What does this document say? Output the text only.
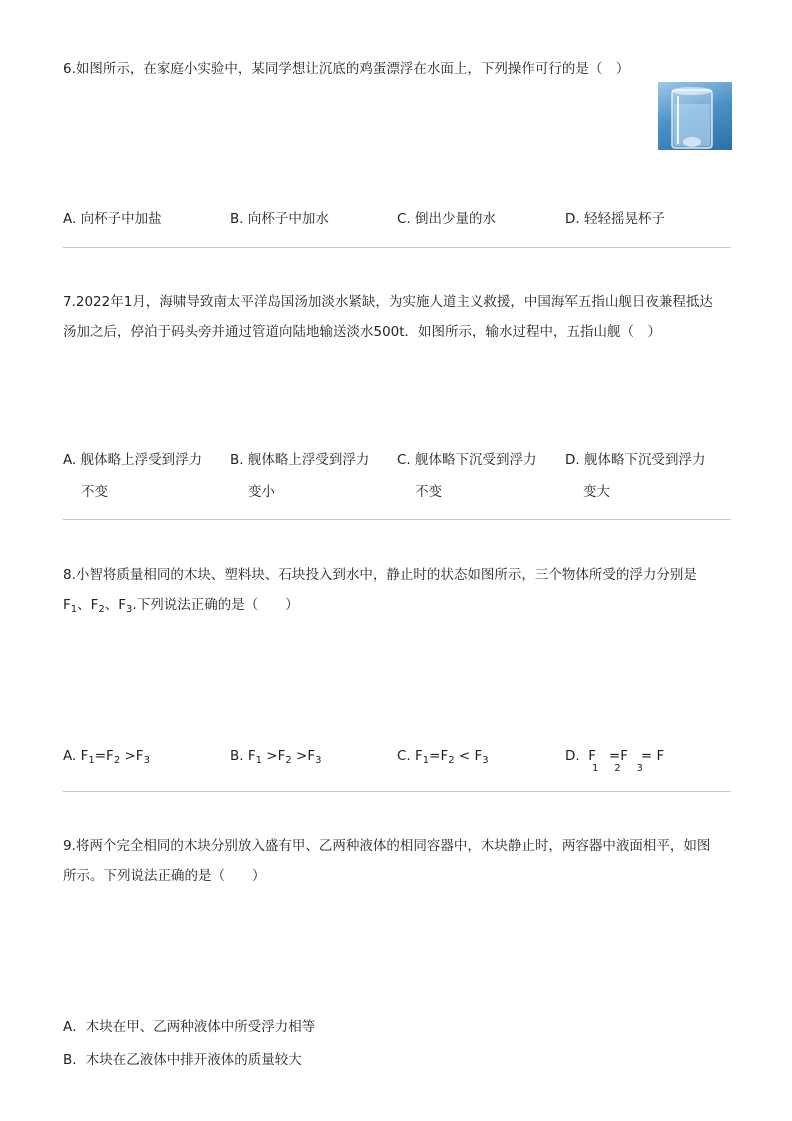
6.如图所示，在家庭小实验中，某同学想让沉底的鸡蛋漂浮在水面上，下列操作可行的是（　）
A. 向杯子中加盐	B. 向杯子中加水	C. 倒出少量的水	D. 轻轻摇晃杯子
7.2022年1月，海啸导致南太平洋岛国汤加淡水紧缺，为实施人道主义救援，中国海军五指山舰日夜兼程抵达
汤加之后，停泊于码头旁并通过管道向陆地输送淡水500t．如图所示，输水过程中，五指山舰（　）
A. 舰体略上浮受到浮力
不变
B. 舰体略上浮受到浮力
变小
C. 舰体略下沉受到浮力
不变
D. 舰体略下沉受到浮力
变大
8.小智将质量相同的木块、塑料块、石块投入到水中，静止时的状态如图所示，三个物体所受的浮力分别是
$F_1$、$F_2$、$F_3$.下列说法正确的是（　　）
A. $F_1=F_2 >F_3$	B. $F_1 >F_2 >F_3$	C. $F_1=F_2 < F_3$	D.  F   =F   = F
1     2     3
9.将两个完全相同的木块分别放入盛有甲、乙两种液体的相同容器中，木块静止时，两容器中液面相平，如图
所示。下列说法正确的是（　　）
A．木块在甲、乙两种液体中所受浮力相等
B．木块在乙液体中排开液体的质量较大
